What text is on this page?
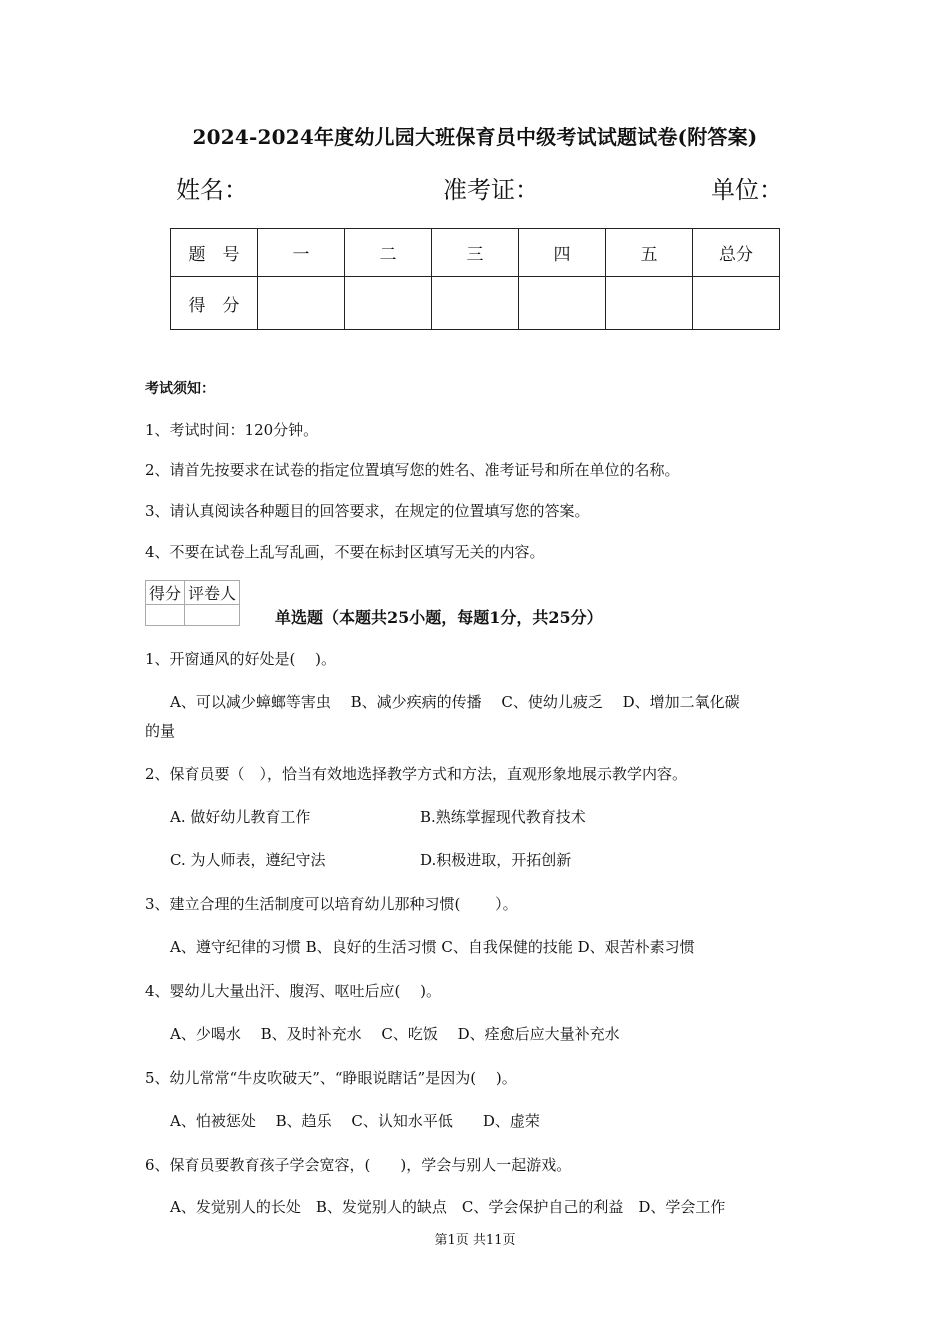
2024-2024年度幼儿园大班保育员中级考试试题试卷(附答案)
姓名：	准考证：	单位：
题　号	一	二	三	四	五	总分
得　分						
考试须知：
1、考试时间：120分钟。
2、请首先按要求在试卷的指定位置填写您的姓名、准考证号和所在单位的名称。
3、请认真阅读各种题目的回答要求，在规定的位置填写您的答案。
4、不要在试卷上乱写乱画，不要在标封区填写无关的内容。
得分	评卷人

单选题（本题共25小题，每题1分，共25分）
1、开窗通风的好处是(　 )。
A、可以减少蟑螂等害虫　 B、减少疾病的传播　 C、使幼儿疲乏　 D、增加二氧化碳
的量
2、保育员要（　），恰当有效地选择教学方式和方法，直观形象地展示教学内容。
A. 做好幼儿教育工作	B.熟练掌握现代教育技术
C. 为人师表，遵纪守法	D.积极进取，开拓创新
3、建立合理的生活制度可以培育幼儿那种习惯(　　 ）。
A、遵守纪律的习惯 B、良好的生活习惯 C、自我保健的技能 D、艰苦朴素习惯
4、婴幼儿大量出汗、腹泻、呕吐后应(　 )。
A、少喝水　 B、及时补充水　 C、吃饭　 D、痊愈后应大量补充水
5、幼儿常常“牛皮吹破天”、“睁眼说瞎话”是因为(　 )。
A、怕被惩处　 B、趋乐　 C、认知水平低　　D、虚荣
6、保育员要教育孩子学会宽容，(　　)，学会与别人一起游戏。
A、发觉别人的长处　B、发觉别人的缺点　C、学会保护自己的利益　D、学会工作
第1页 共11页
